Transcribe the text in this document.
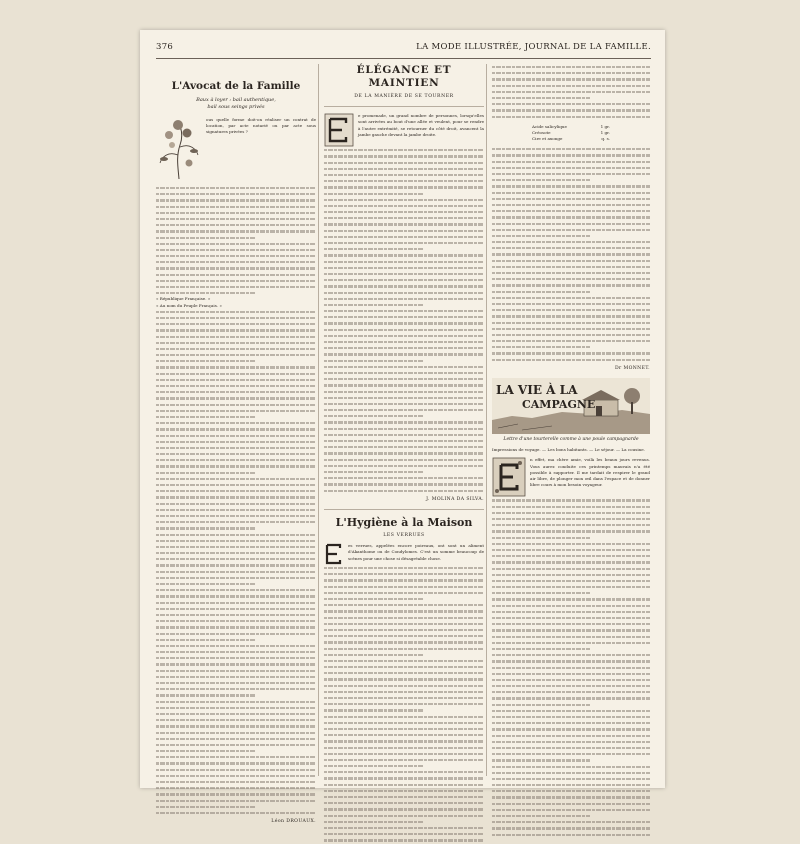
376	LA MODE ILLUSTRÉE, JOURNAL DE LA FAMILLE.
L'Avocat de la Famille
Baux à loyer : bail authentique,
bail sous seings privés
ous quelle forme doit-on réaliser un contrat de location, par acte notarié ou par acte sous signatures privées ?
« République Française. »
« Au nom du Peuple Français. »
Léon DROUAUX.
ÉLÉGANCE ET MAINTIEN
DE LA MANIÈRE DE SE TOURNER
e promenade, un grand nombre de personnes, lorsqu'elles sont arrivées au bout d'une allée et veulent, pour se rendre à l'autre extrémité, se retourner du côté droit, avancent la jambe gauche devant la jambe droite.
J. MOLINA DA SILVA.
L'Hygiène à la Maison
LES VERRUES
es verrues, appelées encore poireaux, ont sont un aliment d'Akanthome ou de Condylomes. C'est un somme beaucoup de scènes pour une chose si désagréable chose.
Acide salicylique	1 gr.
Créosote	1 gr.
Cire et axonge	q. s.
Dr MONNET.
LA VIE À LA
CAMPAGNE
Lettre d'une tourterelle comme à une poule campagnarde
Impressions de voyage. — Les bons habitants. — Le séjour. — La cousine.
n effet, ma chère amie, voilà les beaux jours revenus. Vous aurez conduite ces printemps mauvais n'a été possible à supporter. Il me tardait de respirer le grand air libre, de plonger mon œil dans l'espace et de donner libre cours à mon besoin voyageur.
